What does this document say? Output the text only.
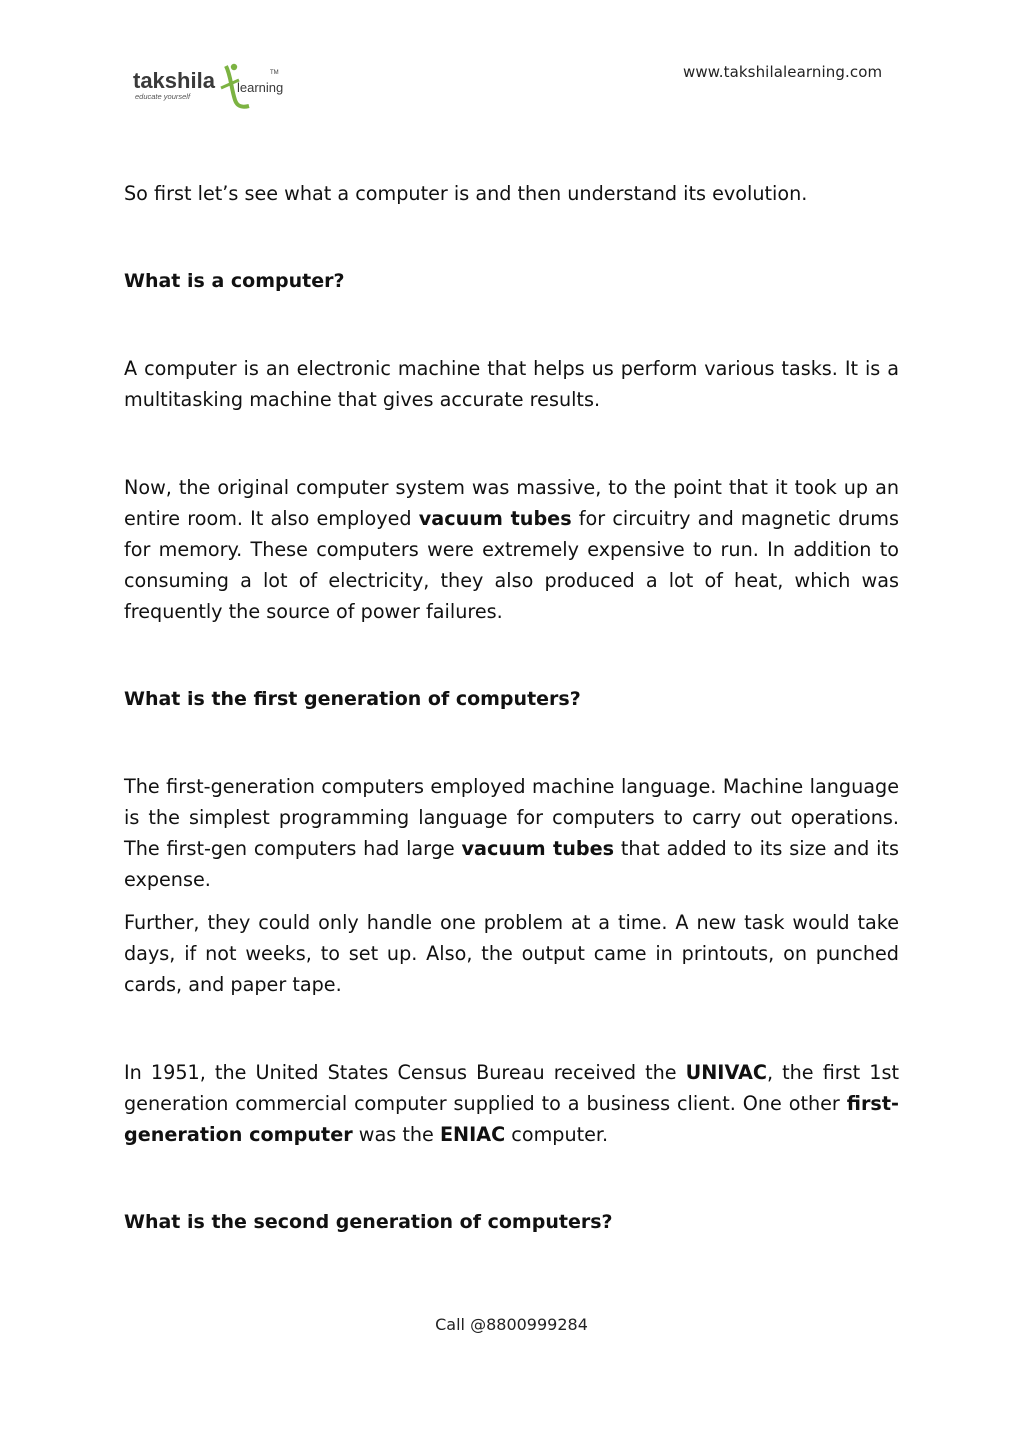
takshila learning
TM
educate yourself
www.takshilalearning.com

So first let’s see what a computer is and then understand its evolution.

What is a computer?

A computer is an electronic machine that helps us perform various tasks. It is a multitasking machine that gives accurate results.

Now, the original computer system was massive, to the point that it took up an entire room. It also employed vacuum tubes for circuitry and magnetic drums for memory. These computers were extremely expensive to run. In addition to consuming a lot of electricity, they also produced a lot of heat, which was frequently the source of power failures.

What is the first generation of computers?

The first-generation computers employed machine language. Machine language is the simplest programming language for computers to carry out operations. The first-gen computers had large vacuum tubes that added to its size and its expense.

Further, they could only handle one problem at a time. A new task would take days, if not weeks, to set up. Also, the output came in printouts, on punched cards, and paper tape.

In 1951, the United States Census Bureau received the UNIVAC, the first 1st generation commercial computer supplied to a business client. One other first-generation computer was the ENIAC computer.

What is the second generation of computers?

Call @8800999284
